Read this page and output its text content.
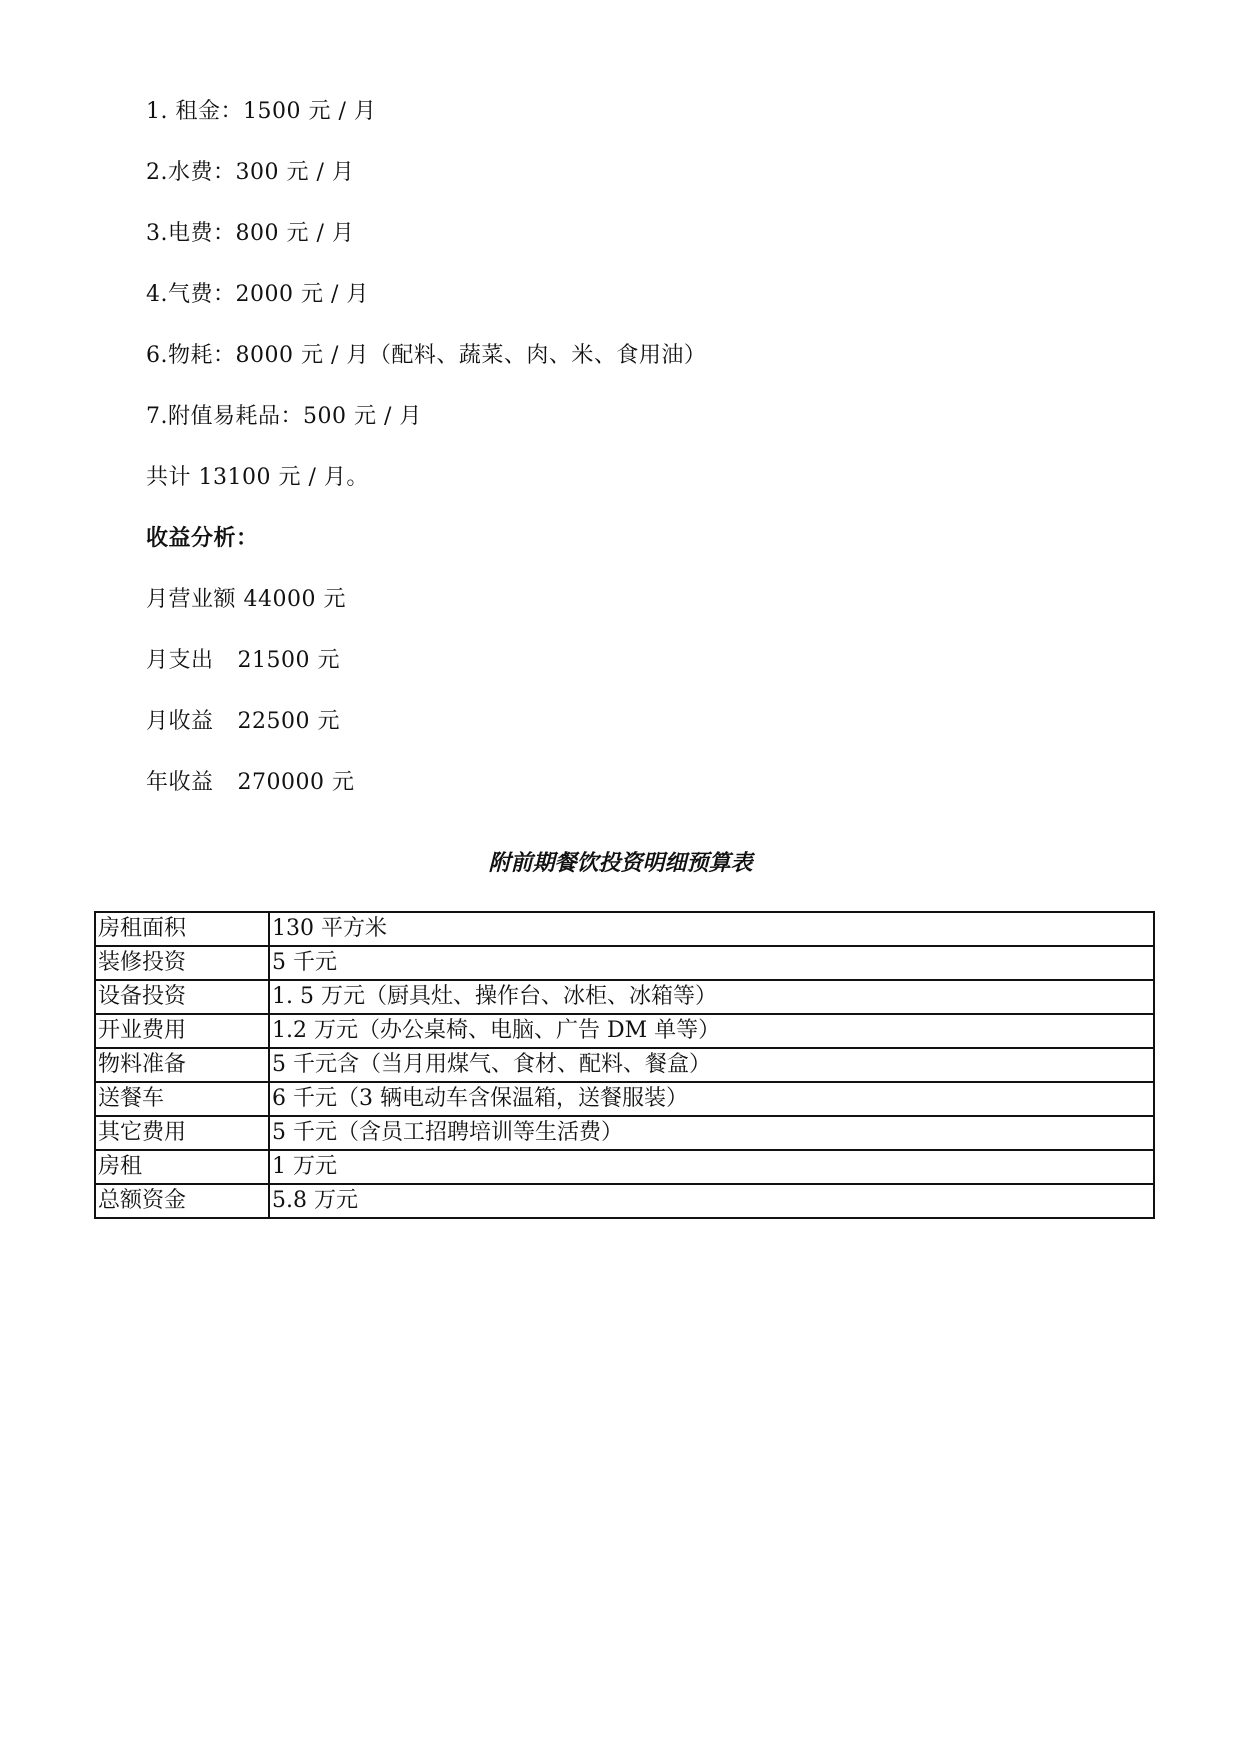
1. 租金：1500 元 / 月
2.水费：300 元 / 月
3.电费：800 元 / 月
4.气费：2000 元 / 月
6.物耗：8000 元 / 月（配料、蔬菜、肉、米、食用油）
7.附值易耗品：500 元 / 月
共计 13100 元 / 月。
收益分析：
月营业额 44000 元
月支出 21500 元
月收益 22500 元
年收益 270000 元
附前期餐饮投资明细预算表
房租面积	130 平方米
装修投资	5 千元
设备投资	1. 5 万元（厨具灶、操作台、冰柜、冰箱等）
开业费用	1.2 万元（办公桌椅、电脑、广告 DM 单等）
物料准备	5 千元含（当月用煤气、食材、配料、餐盒）
送餐车	6 千元（3 辆电动车含保温箱，送餐服装）
其它费用	5 千元（含员工招聘培训等生活费）
房租	1 万元
总额资金	5.8 万元
